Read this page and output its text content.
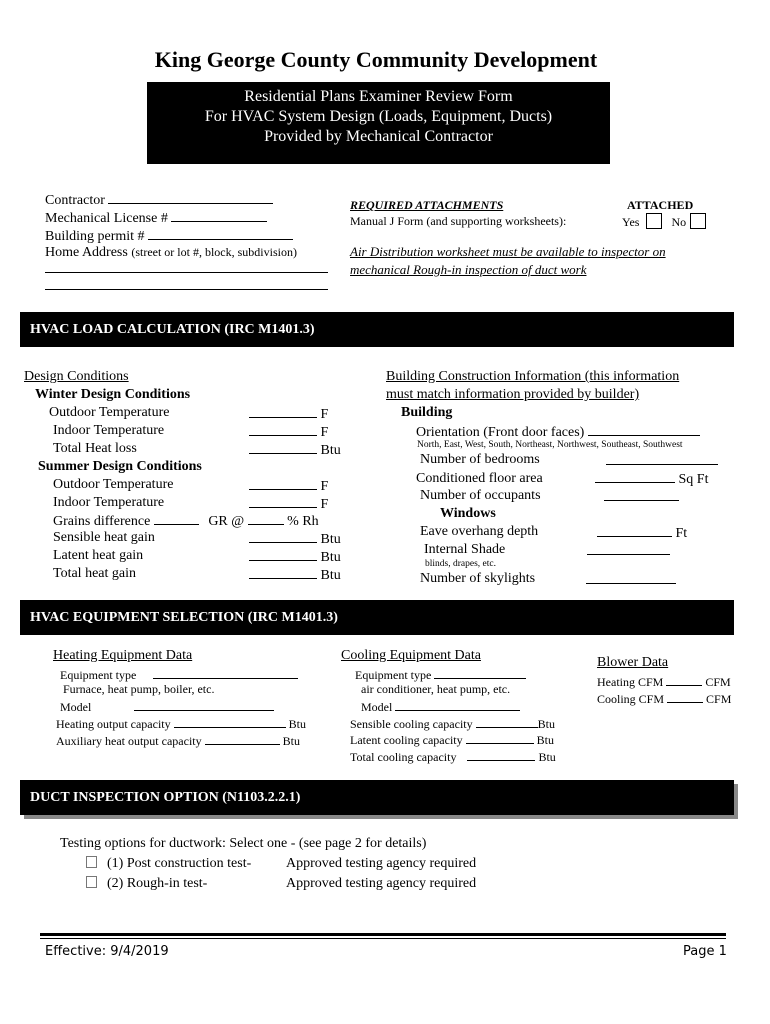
King George County Community Development
Residential Plans Examiner Review Form
For HVAC System Design (Loads, Equipment, Ducts)
Provided by Mechanical Contractor
Contractor
Mechanical License #
Building permit #
Home Address (street or lot #, block, subdivision)
REQUIRED ATTACHMENTS	ATTACHED
Manual J Form (and supporting worksheets):	Yes	No
Air Distribution worksheet must be available to inspector on
mechanical Rough-in inspection of duct work
HVAC LOAD CALCULATION (IRC M1401.3)
Design Conditions
Winter Design Conditions
Outdoor Temperature	F
Indoor Temperature	F
Total Heat loss	Btu
Summer Design Conditions
Outdoor Temperature	F
Indoor Temperature	F
Grains difference	GR @	% Rh
Sensible heat gain	Btu
Latent heat gain	Btu
Total heat gain	Btu
Building Construction Information (this information
must match information provided by builder)
Building
Orientation (Front door faces)
North, East, West, South, Northeast, Northwest, Southeast, Southwest
Number of bedrooms
Conditioned floor area	Sq Ft
Number of occupants
Windows
Eave overhang depth	Ft
Internal Shade
blinds, drapes, etc.
Number of skylights
HVAC EQUIPMENT SELECTION (IRC M1401.3)
Heating Equipment Data
Equipment type
Furnace, heat pump, boiler, etc.
Model
Heating output capacity	Btu
Auxiliary heat output capacity	Btu
Cooling Equipment Data
Equipment type
air conditioner, heat pump, etc.
Model
Sensible cooling capacity	Btu
Latent cooling capacity	Btu
Total cooling capacity	Btu
Blower Data
Heating CFM	CFM
Cooling CFM	CFM
DUCT INSPECTION OPTION (N1103.2.2.1)
Testing options for ductwork: Select one - (see page 2 for details)
(1) Post construction test- Approved testing agency required
(2) Rough-in test-	Approved testing agency required
Effective: 9/4/2019	Page 1
